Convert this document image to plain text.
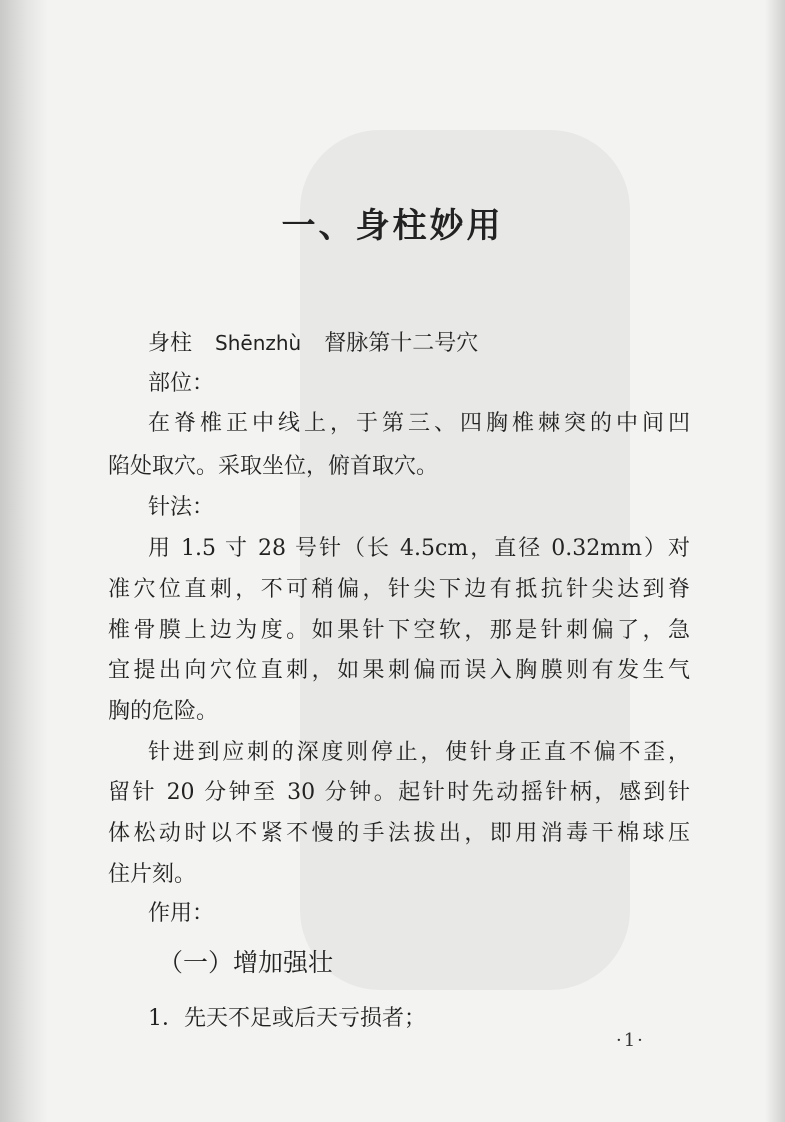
一、身柱妙用
身柱 Shēnzhù 督脉第十二号穴
部位：
在脊椎正中线上，于第三、四胸椎棘突的中间凹
陷处取穴。采取坐位，俯首取穴。
针法：
用 1.5 寸 28 号针（长 4.5cm，直径 0.32mm）对
准穴位直刺，不可稍偏，针尖下边有抵抗针尖达到脊
椎骨膜上边为度。如果针下空软，那是针刺偏了，急
宜提出向穴位直刺，如果刺偏而误入胸膜则有发生气
胸的危险。
针进到应刺的深度则停止，使针身正直不偏不歪，
留针 20 分钟至 30 分钟。起针时先动摇针柄，感到针
体松动时以不紧不慢的手法拔出，即用消毒干棉球压
住片刻。
作用：
（一）增加强壮
1．先天不足或后天亏损者；
·1·
